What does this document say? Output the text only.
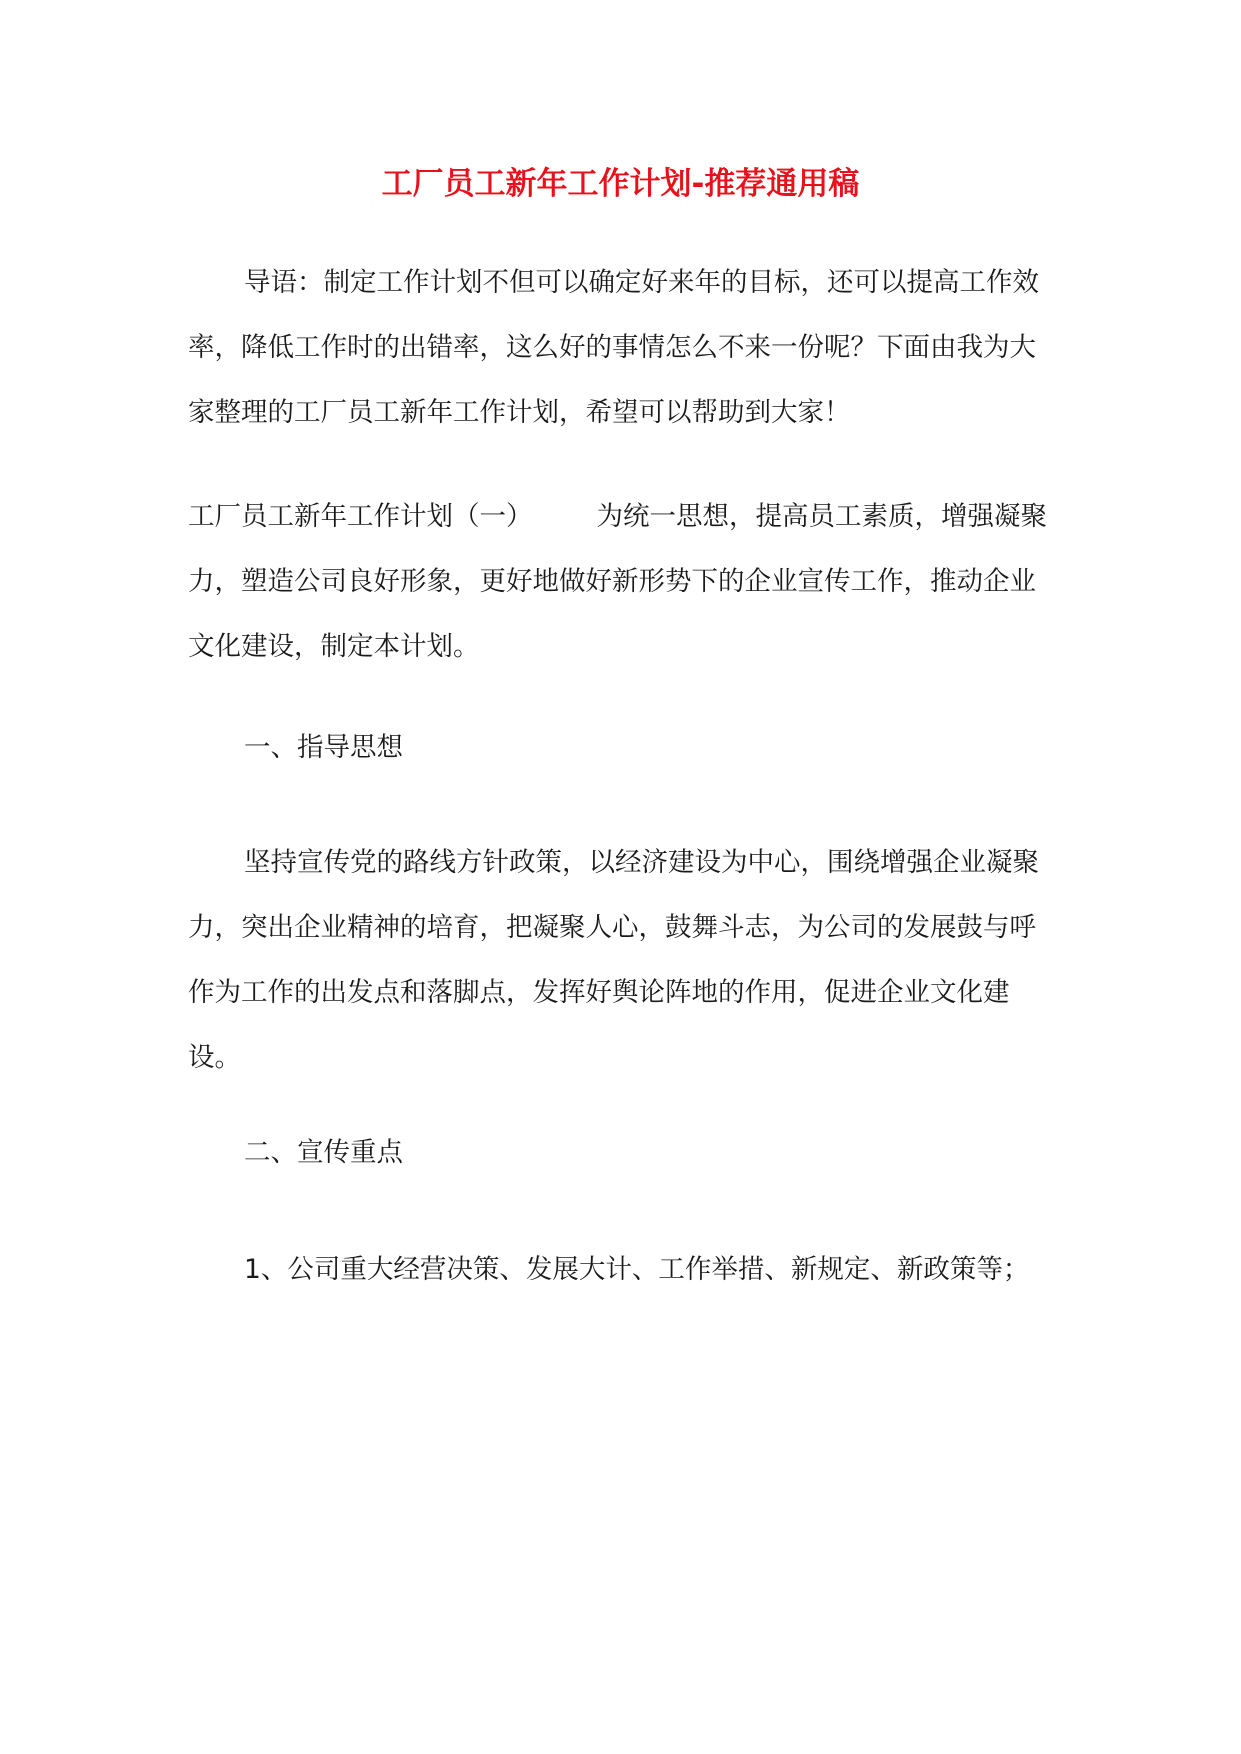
工厂员工新年工作计划-推荐通用稿

导语：制定工作计划不但可以确定好来年的目标，还可以提高工作效率，降低工作时的出错率，这么好的事情怎么不来一份呢？下面由我为大家整理的工厂员工新年工作计划，希望可以帮助到大家！

工厂员工新年工作计划（一） 为统一思想，提高员工素质，增强凝聚力，塑造公司良好形象，更好地做好新形势下的企业宣传工作，推动企业文化建设，制定本计划。

一、指导思想

坚持宣传党的路线方针政策，以经济建设为中心，围绕增强企业凝聚力，突出企业精神的培育，把凝聚人心，鼓舞斗志，为公司的发展鼓与呼作为工作的出发点和落脚点，发挥好舆论阵地的作用，促进企业文化建设。

二、宣传重点

1、公司重大经营决策、发展大计、工作举措、新规定、新政策等；
